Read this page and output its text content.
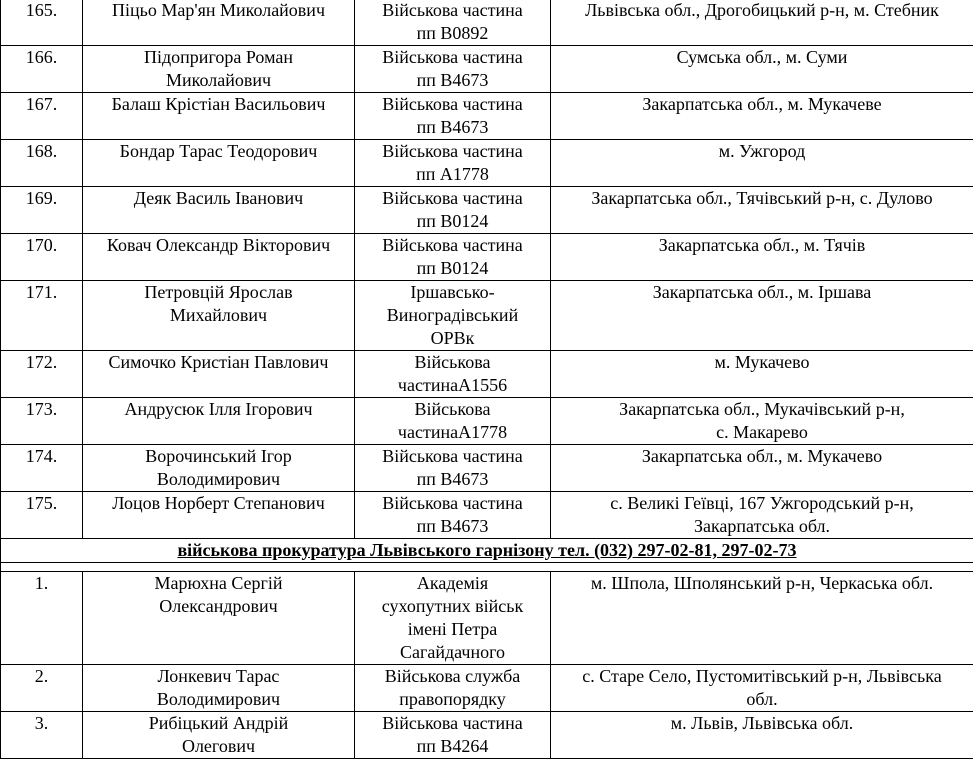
165.	Піцьо Мар'ян Миколайович	Військова частина
пп В0892	Львівська обл., Дрогобицький р-н, м. Стебник

166.	Підопригора Роман
Миколайович	Військова частина
пп В4673	Сумська обл., м. Суми

167.	Балаш Крістіан Васильович	Військова частина
пп В4673	Закарпатська обл., м. Мукачеве

168.	Бондар Тарас Теодорович	Військова частина
пп А1778	м. Ужгород

169.	Деяк Василь Іванович	Військова частина
пп В0124	Закарпатська обл., Тячівський р-н, с. Дулово

170.	Ковач Олександр Вікторович	Військова частина
пп В0124	Закарпатська обл., м. Тячів

171.	Петровцій Ярослав
Михайлович	Іршавсько-
Виноградівський
ОРВк	Закарпатська обл., м. Іршава

172.	Симочко Кристіан Павлович	Військова
частинаА1556	м. Мукачево

173.	Андрусюк Ілля Ігорович	Військова
частинаА1778	Закарпатська обл., Мукачівський р-н,
с. Макарево

174.	Ворочинський Ігор
Володимирович	Військова частина
пп В4673	Закарпатська обл., м. Мукачево

175.	Лоцов Норберт Степанович	Військова частина
пп В4673	с. Великі Геївці, 167 Ужгородський р-н,
Закарпатська обл.

військова прокуратура Львівського гарнізону тел. (032) 297-02-81, 297-02-73			

1.	Марюхна Сергій
Олександрович	Академія
сухопутних військ
імені Петра
Сагайдачного	м. Шпола, Шполянський р-н, Черкаська обл.

2.	Лонкевич Тарас
Володимирович	Військова служба
правопорядку	с. Старе Село, Пустомитівський р-н, Львівська
обл.

3.	Рибіцький Андрій
Олегович	Військова частина
пп В4264	м. Львів, Львівська обл.
